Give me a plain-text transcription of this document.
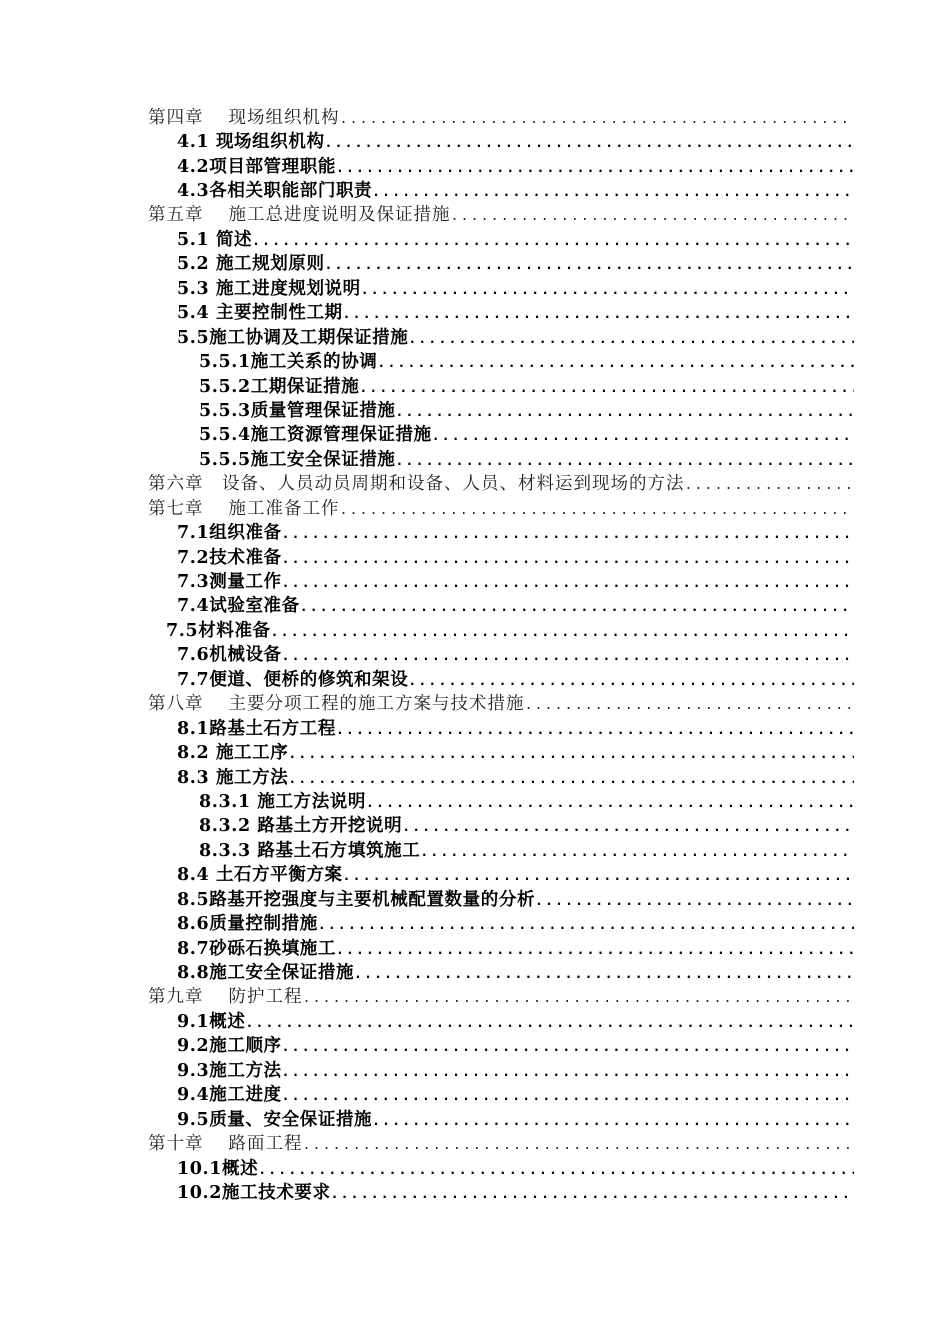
第四章　 现场组织机构
.....
4.1 现场组织机构
.....
4.2项目部管理职能
.....
4.3各相关职能部门职责
.....
第五章　 施工总进度说明及保证措施
.....
5.1 简述
.....
5.2 施工规划原则
.....
5.3 施工进度规划说明
.....
5.4 主要控制性工期
.....
5.5施工协调及工期保证措施
.....
5.5.1施工关系的协调
.....
5.5.2工期保证措施
.....
5.5.3质量管理保证措施
.....
5.5.4施工资源管理保证措施
.....
5.5.5施工安全保证措施
.....
第六章　设备、人员动员周期和设备、人员、材料运到现场的方法
.....
第七章　 施工准备工作
.....
7.1组织准备
.....
7.2技术准备
.....
7.3测量工作
.....
7.4试验室准备
.....
7.5材料准备
.....
7.6机械设备
.....
7.7便道、便桥的修筑和架设
.....
第八章　 主要分项工程的施工方案与技术措施
.....
8.1路基土石方工程
.....
8.2 施工工序
.....
8.3 施工方法
.....
8.3.1 施工方法说明
.....
8.3.2 路基土方开挖说明
.....
8.3.3 路基土石方填筑施工
.....
8.4 土石方平衡方案
.....
8.5路基开挖强度与主要机械配置数量的分析
.....
8.6质量控制措施
.....
8.7砂砾石换填施工
.....
8.8施工安全保证措施
.....
第九章　 防护工程
.....
9.1概述
.....
9.2施工顺序
.....
9.3施工方法
.....
9.4施工进度
.....
9.5质量、安全保证措施
.....
第十章　 路面工程
.....
10.1概述
.....
10.2施工技术要求
.....
